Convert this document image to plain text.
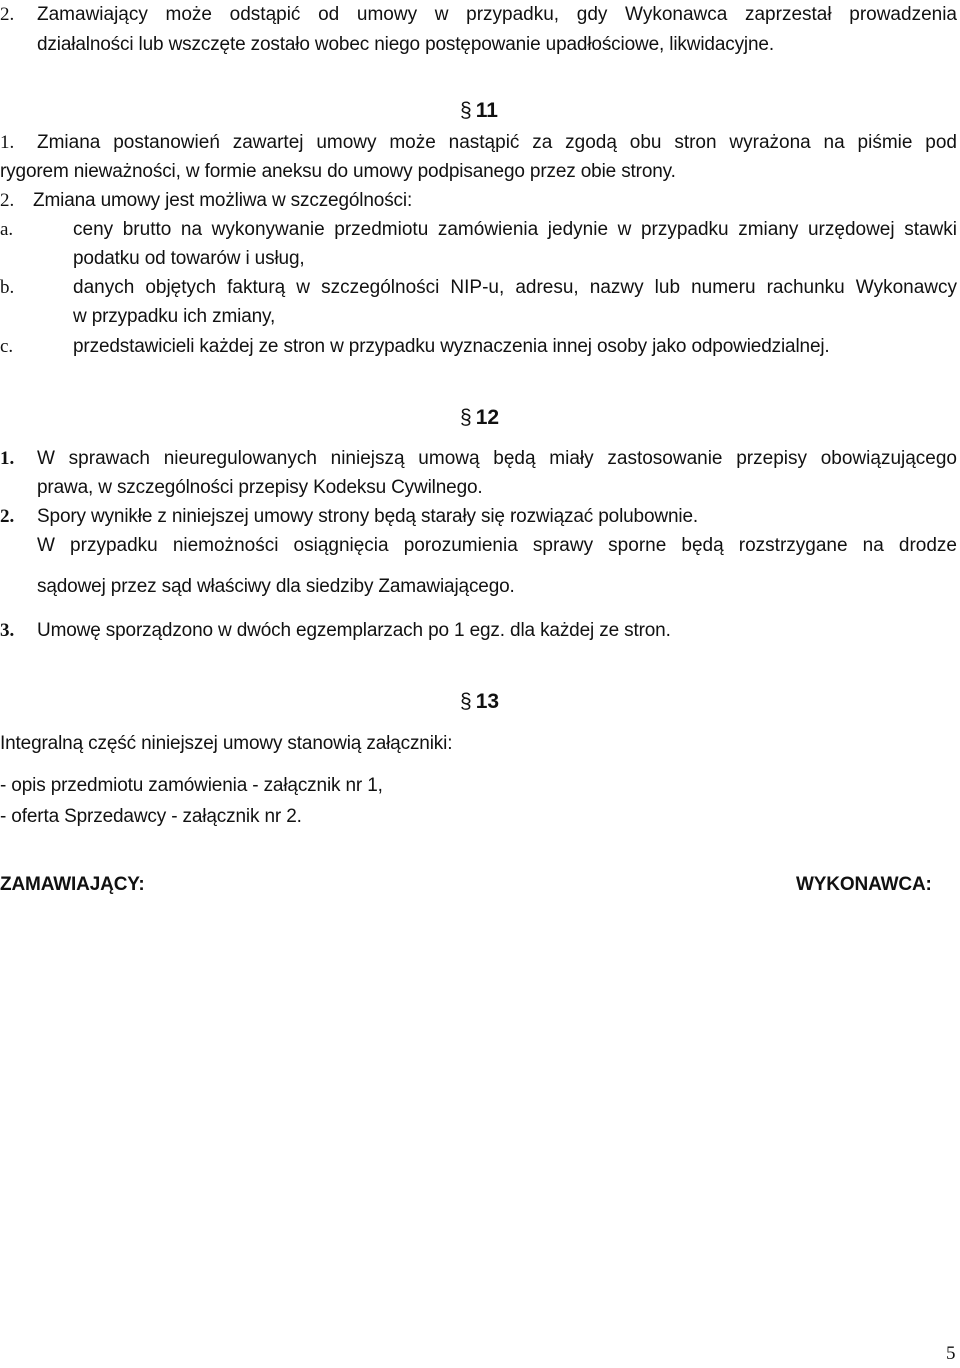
2. Zamawiający może odstąpić od umowy w przypadku, gdy Wykonawca zaprzestał prowadzenia
działalności lub wszczęte zostało wobec niego postępowanie upadłościowe, likwidacyjne.
§ 11
1. Zmiana postanowień zawartej umowy może nastąpić za zgodą obu stron wyrażona na piśmie pod
rygorem nieważności, w formie aneksu do umowy podpisanego przez obie strony.
2. Zmiana umowy jest możliwa w szczególności:
a.	ceny brutto na wykonywanie przedmiotu zamówienia jedynie w przypadku zmiany urzędowej stawki
podatku od towarów i usług,
b.	danych objętych fakturą w szczególności NIP-u, adresu, nazwy lub numeru rachunku Wykonawcy
w przypadku ich zmiany,
c.	przedstawicieli każdej ze stron w przypadku wyznaczenia innej osoby jako odpowiedzialnej.
§ 12
1. W sprawach nieuregulowanych niniejszą umową będą miały zastosowanie przepisy obowiązującego
prawa, w szczególności przepisy Kodeksu Cywilnego.
2. Spory wynikłe z niniejszej umowy strony będą starały się rozwiązać polubownie.
W przypadku niemożności osiągnięcia porozumienia sprawy sporne będą rozstrzygane na drodze
sądowej przez sąd właściwy dla siedziby Zamawiającego.
3. Umowę sporządzono w dwóch egzemplarzach po 1 egz. dla każdej ze stron.
§ 13
Integralną część niniejszej umowy stanowią załączniki:
- opis przedmiotu zamówienia - załącznik nr 1,
- oferta Sprzedawcy - załącznik nr 2.
ZAMAWIAJĄCY:	WYKONAWCA:
5
